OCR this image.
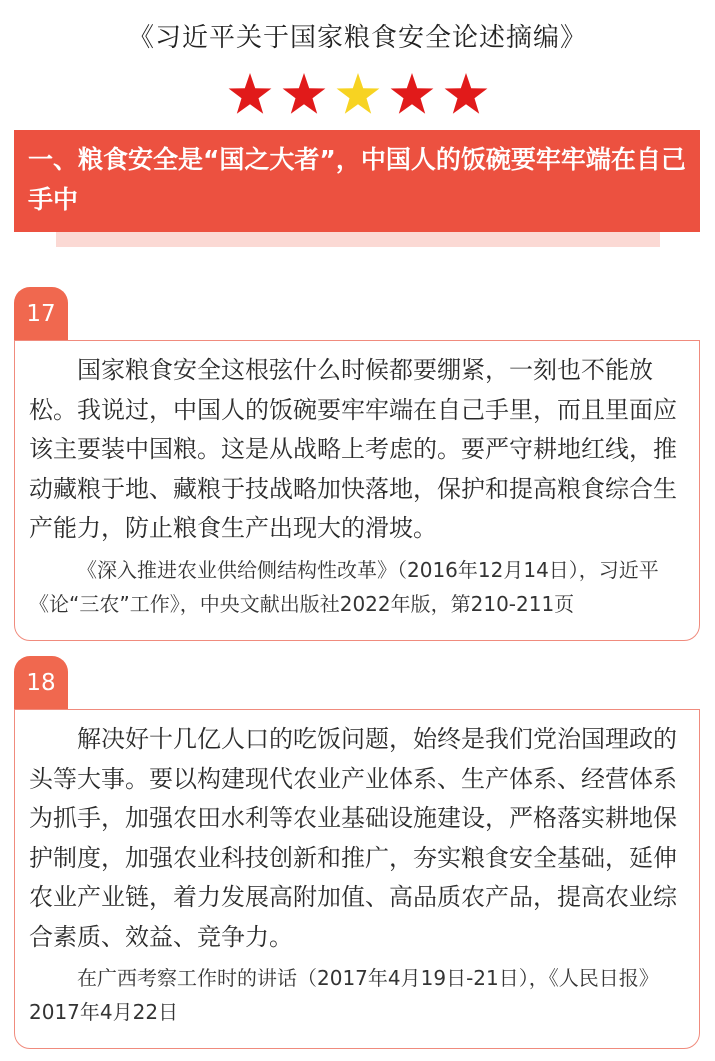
《习近平关于国家粮食安全论述摘编》
一、粮食安全是“国之大者”，中国人的饭碗要牢牢端在自己手中
17

国家粮食安全这根弦什么时候都要绷紧，一刻也不能放松。我说过，中国人的饭碗要牢牢端在自己手里，而且里面应该主要装中国粮。这是从战略上考虑的。要严守耕地红线，推动藏粮于地、藏粮于技战略加快落地，保护和提高粮食综合生产能力，防止粮食生产出现大的滑坡。

《深入推进农业供给侧结构性改革》（2016年12月14日），习近平《论“三农”工作》，中央文献出版社2022年版，第210-211页

18

解决好十几亿人口的吃饭问题，始终是我们党治国理政的头等大事。要以构建现代农业产业体系、生产体系、经营体系为抓手，加强农田水利等农业基础设施建设，严格落实耕地保护制度，加强农业科技创新和推广，夯实粮食安全基础，延伸农业产业链，着力发展高附加值、高品质农产品，提高农业综合素质、效益、竞争力。

在广西考察工作时的讲话（2017年4月19日-21日），《人民日报》2017年4月22日
